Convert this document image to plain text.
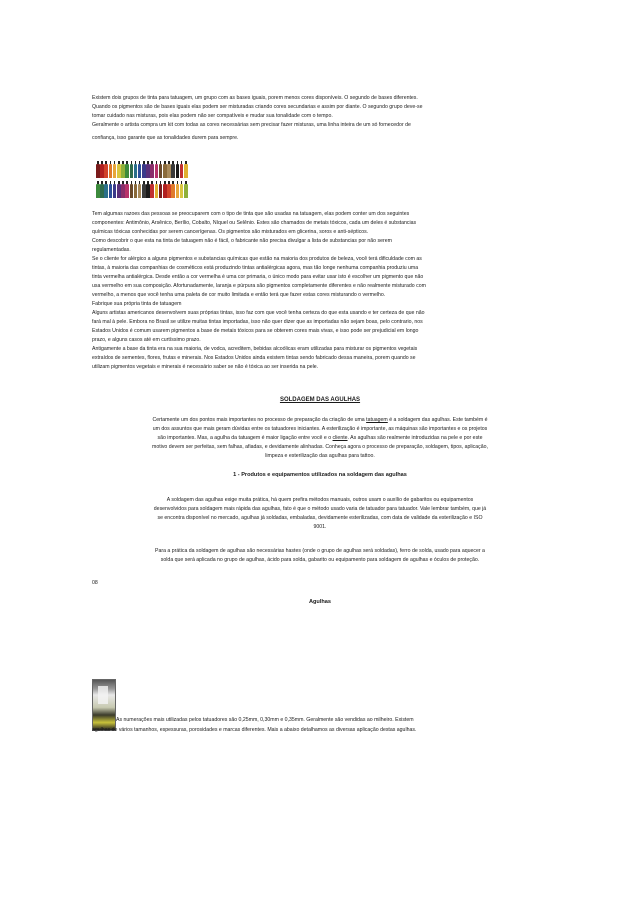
Existem dois grupos de tinta para tatuagem, um grupo com as bases iguais, porem menos cores disponíveis. O segundo de bases diferentes.

Quando os pigmentos são de bases iguais elas podem ser misturadas criando cores secundarias e assim por diante. O segundo grupo deve-se

tomar cuidado nas misturas, pois elas podem não ser compatíveis e mudar sua tonalidade com o tempo.

Geralmente o artista compra um kit com todas as cores necessárias sem precisar fazer misturas, uma linha inteira de um só fornecedor de

confiança, isso garante que as tonalidades durem para sempre.

Tem algumas razoes das pessoas se preocuparem com o tipo de tinta que são usadas na tatuagem, elas podem conter um dos seguintes

componentes: Antimônio, Arsênico, Berílio, Cobalto, Níquel ou Selênio. Estes são chamados de metais tóxicos, cada um deles é substancias

químicas tóxicas conhecidas por serem cancerígenas. Os pigmentos são misturados em glicerina, soros e anti-sépticos.

Como descobrir o que esta na tinta de tatuagem não é fácil, o fabricante não precisa divulgar a lista de substancias por não serem

regulamentadas.

Se o cliente for alérgico a alguns pigmentos e substancias químicas que estão na maioria dos produtos de beleza, você terá dificuldade com as

tintas, à maioria das companhias de cosméticos está produzindo tintas antialérgicas agora, mas tão longe nenhuma companhia produziu uma

tinta vermelha antialérgica. Desde então a cor vermelha é uma cor primaria, o único modo para evitar usar isto é escolher um pigmento que não

usa vermelho em sua composição. Afortunadamente, laranja e púrpura são pigmentos completamente diferentes e não realmente misturado com

vermelho, a menos que você tenha uma paleta de cor muito limitada e então terá que fazer estas cores misturando o vermelho.

Fabrique sua própria tinta de tatuagem

Alguns artistas americanos desenvolvem suas próprias tintas, isso faz com que você tenha certeza do que esta usando e ter certeza de que não

fará mal à pele. Embora no Brasil se utilize muitas tintas importadas, isso não quer dizer que as importadas não sejam boas, pelo contrario, nos

Estados Unidos é comum usarem pigmentos a base de metais tóxicos para se obterem cores mais vivas, e isso pode ser prejudicial em longo

prazo, e alguns casos até em curtíssimo prazo.

Antigamente a base da tinta era na sua maioria, de vodca, acreditem, bebidas alcoólicas eram utilizadas para misturar os pigmentos vegetais

extraídos de sementes, flores, frutas e minerais. Nos Estados Unidos ainda existem tintas sendo fabricado dessa maneira, porem quando se

utilizam pigmentos vegetais e minerais é necessário saber se não é tóxica ao ser inserida na pele.

SOLDAGEM DAS AGULHAS

Certamente um dos pontos mais importantes no processo de preparação da criação de uma tatuagem é a soldagem das agulhas. Este também é

um dos assuntos que mais geram dúvidas entre os tatuadores iniciantes. A esterilização é importante, as máquinas são importantes e os projetos

são importantes. Mas, a agulha da tatuagem é maior ligação entre você e o cliente. As agulhas são realmente introduzidas na pele e por este

motivo devem ser perfeitas, sem falhas, afiadas, e devidamente alinhadas. Conheça agora o processo de preparação, soldagem, tipos, aplicação,

limpeza e esterilização das agulhas para tattoo.

1 - Produtos e equipamentos utilizados na soldagem das agulhas

A soldagem das agulhas exige muita prática, há quem prefira métodos manuais, outros usam o auxílio de gabaritos ou equipamentos

desenvolvidos para soldagem mais rápida das agulhas, fato é que o método usado varia de tatuador para tatuador. Vale lembrar também, que já

se encontra disponível no mercado, agulhas já soldadas, embaladas, devidamente esterilizadas, com data de validade da esterilização e ISO

9001.

Para a prática da soldagem de agulhas são necessárias hastes (onde o grupo de agulhas será soldadas), ferro de solda, usado para aquecer a

solda que será aplicada no grupo de agulhas, ácido para solda, gabarito ou equipamento para soldagem de agulhas e óculos de proteção.

08

Agulhas

As numerações mais utilizadas pelos tatuadores são 0,25mm, 0,30mm e 0,35mm. Geralmente são vendidas ao milheiro. Existem

agulhas de vários tamanhos, espessuras, porosidades e marcas diferentes. Mais a abaixo detalhamos as diversas aplicação destas agulhas.
